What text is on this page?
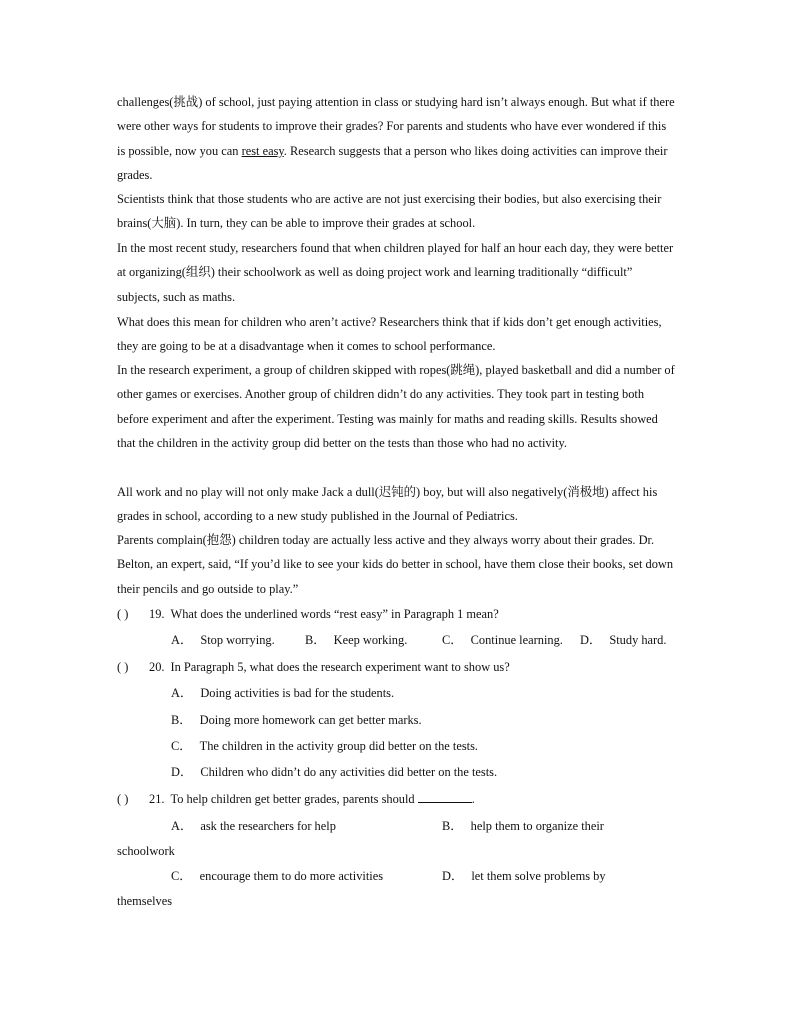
challenges(挑战) of school, just paying attention in class or studying hard isn’t always enough. But what if there were other ways for students to improve their grades? For parents and students who have ever wondered if this is possible, now you can rest easy. Research suggests that a person who likes doing activities can improve their grades.

Scientists think that those students who are active are not just exercising their bodies, but also exercising their brains(大脑). In turn, they can be able to improve their grades at school.

In the most recent study, researchers found that when children played for half an hour each day, they were better at organizing(组织) their schoolwork as well as doing project work and learning traditionally “difficult” subjects, such as maths.

What does this mean for children who aren’t active? Researchers think that if kids don’t get enough activities, they are going to be at a disadvantage when it comes to school performance.

In the research experiment, a group of children skipped with ropes(跳绳), played basketball and did a number of other games or exercises. Another group of children didn’t do any activities. They took part in testing both before experiment and after the experiment. Testing was mainly for maths and reading skills. Results showed that the children in the activity group did better on the tests than those who had no activity.

All work and no play will not only make Jack a dull(迟钝的) boy, but will also negatively(消极地) affect his grades in school, according to a new study published in the Journal of Pediatrics.

Parents complain(抱怨) children today are actually less active and they always worry about their grades. Dr. Belton, an expert, said, “If you’d like to see your kids do better in school, have them close their books, set down their pencils and go outside to play.”

( ) 19. What does the underlined words “rest easy” in Paragraph 1 mean?
A． Stop worrying. B． Keep working.	C． Continue learning. D． Study hard.
( ) 20. In Paragraph 5, what does the research experiment want to show us?
A． Doing activities is bad for the students.
B． Doing more homework can get better marks.
C． The children in the activity group did better on the tests.
D． Children who didn’t do any activities did better on the tests.
( ) 21. To help children get better grades, parents should	.
A． ask the researchers for help	B． help them to organize their
schoolwork
C． encourage them to do more activities	D． let them solve problems by
themselves
